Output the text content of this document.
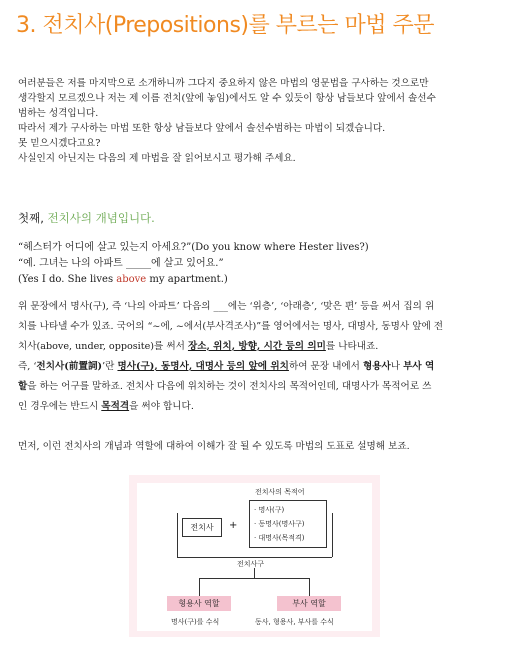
3. 전치사(Prepositions)를 부르는 마법 주문
여러분들은 저를 마지막으로 소개하니까 그다지 중요하지 않은 마법의 영문법을 구사하는 것으로만
생각할지 모르겠으나 저는 제 이름 전치(앞에 놓임)에서도 알 수 있듯이 항상 남들보다 앞에서 솔선수
범하는 성격입니다.
따라서 제가 구사하는 마법 또한 항상 남들보다 앞에서 솔선수범하는 마법이 되겠습니다.
못 믿으시겠다고요?
사실인지 아닌지는 다음의 제 마법을 잘 읽어보시고 평가해 주세요.
첫째, 전치사의 개념입니다.
“헤스터가 어디에 살고 있는지 아세요?”(Do you know where Hester lives?)
“예. 그녀는 나의 아파트 _____에 살고 있어요.”
(Yes I do. She lives above my apartment.)
위 문장에서 명사(구), 즉 ‘나의 아파트’ 다음의 ___에는 ‘위층’, ‘아래층’, ‘맞은 편’ 등을 써서 집의 위
치를 나타낼 수가 있죠. 국어의 “~에, ~에서(부사격조사)”를 영어에서는 명사, 대명사, 동명사 앞에 전
치사(above, under, opposite)를 써서 장소, 위치, 방향, 시간 등의 의미를 나타내죠.
즉, ‘전치사(前置詞)’란 명사(구), 동명사, 대명사 등의 앞에 위치하여 문장 내에서 형용사나 부사 역
할을 하는 어구를 말하죠. 전치사 다음에 위치하는 것이 전치사의 목적어인데, 대명사가 목적어로 쓰
인 경우에는 반드시 목적격을 써야 합니다.
먼저, 이런 전치사의 개념과 역할에 대하여 이해가 잘 될 수 있도록 마법의 도표로 설명해 보죠.
전치사의 목적어
전치사	+
· 명사(구)
· 동명사(명사구)
· 대명사(목적격)
전치사구
형용사 역할	부사 역할
명사(구)를 수식	동사, 형용사, 부사를 수식
